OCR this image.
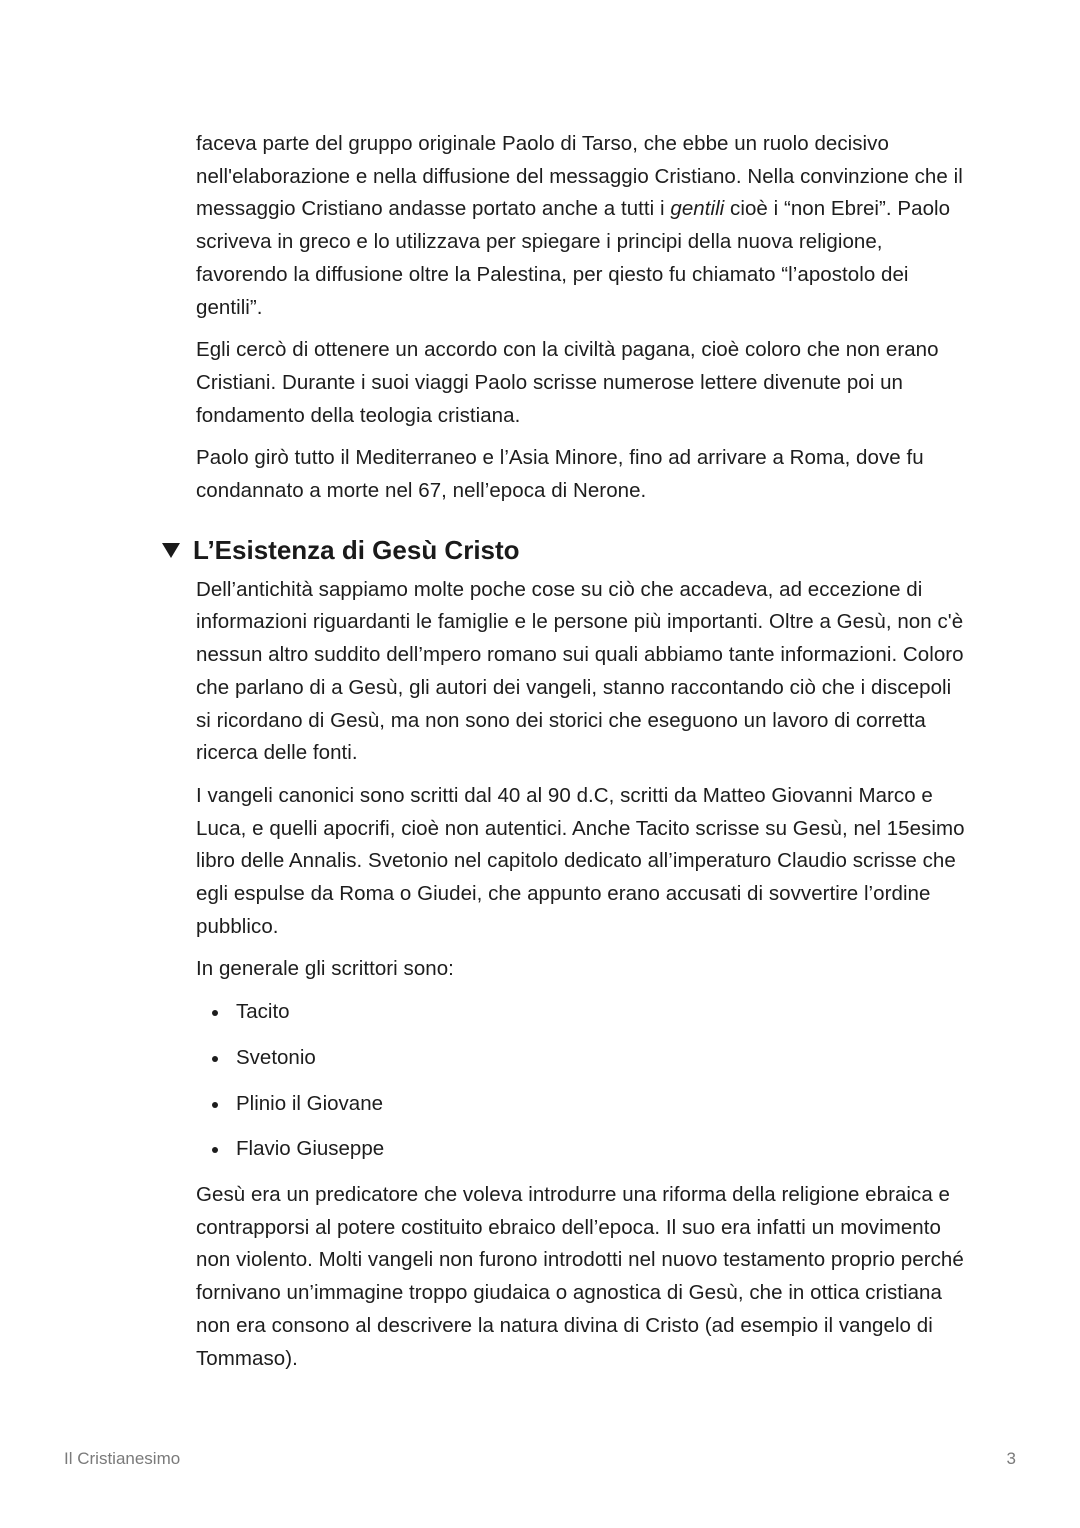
faceva parte del gruppo originale Paolo di Tarso, che ebbe un ruolo decisivo nell'elaborazione e nella diffusione del messaggio Cristiano. Nella convinzione che il messaggio Cristiano andasse portato anche a tutti i gentili cioè i “non Ebrei”. Paolo scriveva in greco e lo utilizzava per spiegare i principi della nuova religione, favorendo la diffusione oltre la Palestina, per qiesto fu chiamato “l’apostolo dei gentili”.

Egli cercò di ottenere un accordo con la civiltà pagana, cioè coloro che non erano Cristiani. Durante i suoi viaggi Paolo scrisse numerose lettere divenute poi un fondamento della teologia cristiana.

Paolo girò tutto il Mediterraneo e l’Asia Minore, fino ad arrivare a Roma, dove fu condannato a morte nel 67, nell’epoca di Nerone.

L’Esistenza di Gesù Cristo

Dell’antichità sappiamo molte poche cose su ciò che accadeva, ad eccezione di informazioni riguardanti le famiglie e le persone più importanti. Oltre a Gesù, non c'è nessun altro suddito dell’mpero romano sui quali abbiamo tante informazioni. Coloro che parlano di a Gesù, gli autori dei vangeli, stanno raccontando ciò che i discepoli si ricordano di Gesù, ma non sono dei storici che eseguono un lavoro di corretta ricerca delle fonti.

I vangeli canonici sono scritti dal 40 al 90 d.C, scritti da Matteo Giovanni Marco e Luca, e quelli apocrifi, cioè non autentici. Anche Tacito scrisse su Gesù, nel 15esimo libro delle Annalis. Svetonio nel capitolo dedicato all’imperaturo Claudio scrisse che egli espulse da Roma o Giudei, che appunto erano accusati di sovvertire l’ordine pubblico.

In generale gli scrittori sono:

Tacito
Svetonio
Plinio il Giovane
Flavio Giuseppe

Gesù era un predicatore che voleva introdurre una riforma della religione ebraica e contrapporsi al potere costituito ebraico dell’epoca. Il suo era infatti un movimento non violento. Molti vangeli non furono introdotti nel nuovo testamento proprio perché fornivano un’immagine troppo giudaica o agnostica di Gesù, che in ottica cristiana non era consono al descrivere la natura divina di Cristo (ad esempio il vangelo di Tommaso).

Il Cristianesimo	3
